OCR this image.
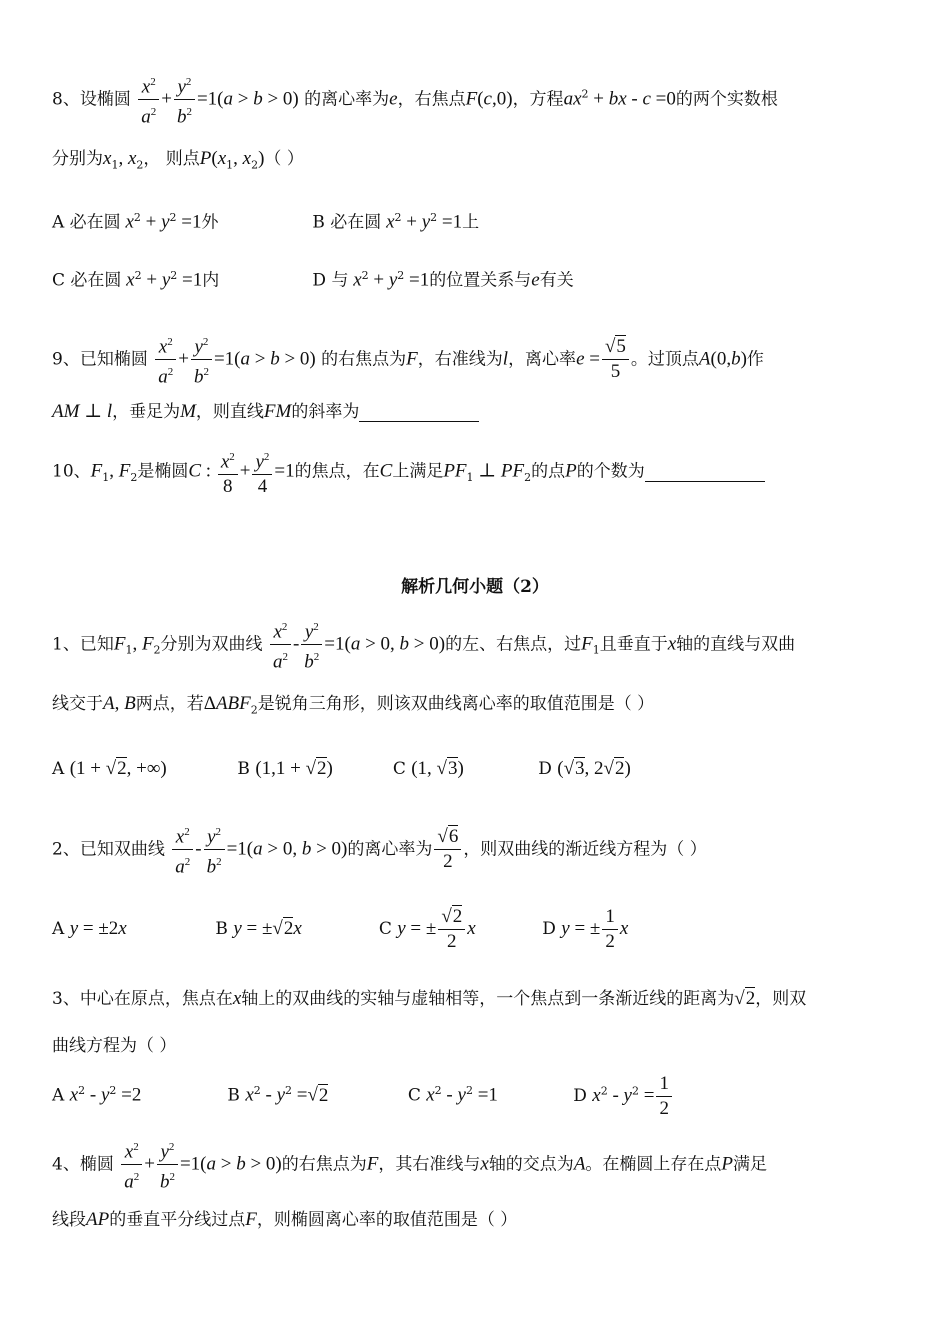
8、设椭圆 $\frac{x^2}{a^2} + \frac{y^2}{b^2} =1(a > b > 0)$ 的离心率为e，右焦点F(c,0)，方程$ax^2$ + bx - c =0的两个实数根
分别为$x_1$, $x_2$， 则点$P(x_1$, $x_2$)（ ）
A 必在圆 $x^2 + y^2 =1$外	B 必在圆 $x^2 + y^2 =1$上
C 必在圆 $x^2 + y^2 =1$内	D 与 $x^2 + y^2 =1$的位置关系与e有关
9、已知椭圆 $\frac{x^2}{a^2} + \frac{y^2}{b^2} =1(a > b > 0)$ 的右焦点为F，右准线为l，离心率$e = \frac{√5}{5}$ 。过顶点A(0,b)作
AM ⊥ l，垂足为M，则直线FM的斜率为
10、$F_1$, $F_2$是椭圆C : $\frac{x^2}{8} + \frac{y^2}{4} =1$的焦点，在C上满足$PF_1$ ⊥ $PF_2$的点P的个数为
解析几何小题（2）
1、已知$F_1$, $F_2$分别为双曲线 $\frac{x^2}{a^2} - \frac{y^2}{b^2} =1(a > 0$, b > 0)的左、右焦点，过$F_1$且垂直于x轴的直线与双曲
线交于A, B两点，若$\Delta ABF_2$是锐角三角形，则该双曲线离心率的取值范围是（ ）
A (1 + √2, +∞)	B (1,1 + √2)	C (1, √3)	D (√3, 2√2)
2、已知双曲线 $\frac{x^2}{a^2} - \frac{y^2}{b^2} =1(a > 0$, b > 0)的离心率为 $\frac{√6}{2}$ ，则双曲线的渐近线方程为（ ）
A y = ±2x	B y = ±√2x	C y = ± $\frac{√2}{2}$ x	D y = ± $\frac{1}{2}$ x
3、中心在原点，焦点在x轴上的双曲线的实轴与虚轴相等，一个焦点到一条渐近线的距离为√2，则双
曲线方程为（ ）
A $x^2 - y^2 =2$	B $x^2 - y^2 =√2$	C $x^2 - y^2 =1$	D $x^2 - y^2 = \frac{1}{2}$
4、椭圆 $\frac{x^2}{a^2} + \frac{y^2}{b^2} =1(a > b > 0)$的右焦点为F，其右准线与x轴的交点为A。在椭圆上存在点P满足
线段AP的垂直平分线过点F，则椭圆离心率的取值范围是（ ）
